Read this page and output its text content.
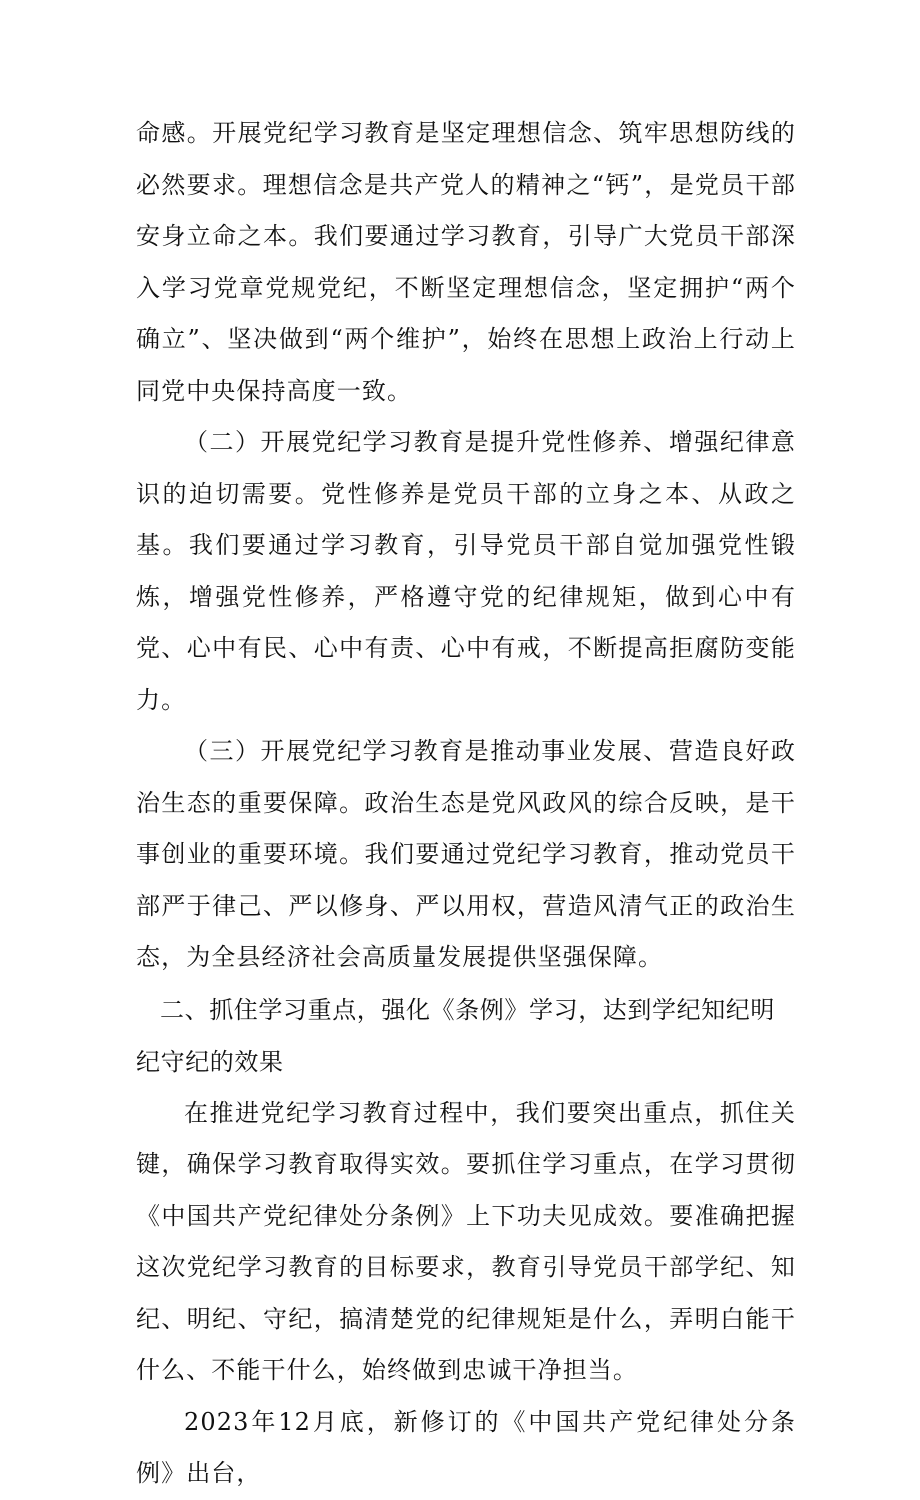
命感。开展党纪学习教育是坚定理想信念、筑牢思想防线的必然要求。理想信念是共产党人的精神之“钙”，是党员干部安身立命之本。我们要通过学习教育，引导广大党员干部深入学习党章党规党纪，不断坚定理想信念，坚定拥护“两个确立”、坚决做到“两个维护”，始终在思想上政治上行动上同党中央保持高度一致。

（二）开展党纪学习教育是提升党性修养、增强纪律意识的迫切需要。党性修养是党员干部的立身之本、从政之基。我们要通过学习教育，引导党员干部自觉加强党性锻炼，增强党性修养，严格遵守党的纪律规矩，做到心中有党、心中有民、心中有责、心中有戒，不断提高拒腐防变能力。

（三）开展党纪学习教育是推动事业发展、营造良好政治生态的重要保障。政治生态是党风政风的综合反映，是干事创业的重要环境。我们要通过党纪学习教育，推动党员干部严于律己、严以修身、严以用权，营造风清气正的政治生态，为全县经济社会高质量发展提供坚强保障。

二、抓住学习重点，强化《条例》学习，达到学纪知纪明纪守纪的效果

在推进党纪学习教育过程中，我们要突出重点，抓住关键，确保学习教育取得实效。要抓住学习重点，在学习贯彻《中国共产党纪律处分条例》上下功夫见成效。要准确把握这次党纪学习教育的目标要求，教育引导党员干部学纪、知纪、明纪、守纪，搞清楚党的纪律规矩是什么，弄明白能干什么、不能干什么，始终做到忠诚干净担当。

2023年12月底，新修订的《中国共产党纪律处分条例》出台，
